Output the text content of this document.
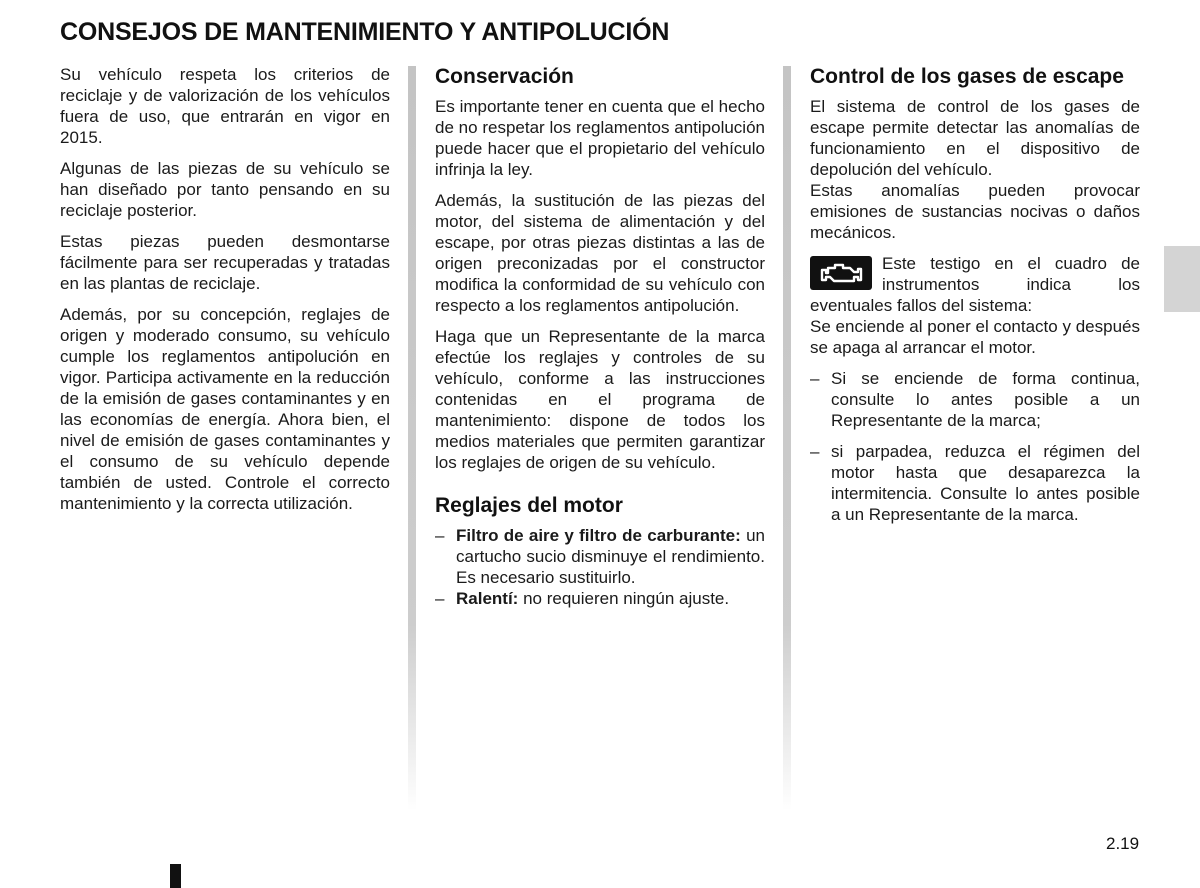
CONSEJOS DE MANTENIMIENTO Y ANTIPOLUCIÓN

Su vehículo respeta los criterios de reciclaje y de valorización de los vehículos fuera de uso, que entrarán en vigor en 2015.

Algunas de las piezas de su vehículo se han diseñado por tanto pensando en su reciclaje posterior.

Estas piezas pueden desmontarse fácilmente para ser recuperadas y tratadas en las plantas de reciclaje.

Además, por su concepción, reglajes de origen y moderado consumo, su vehículo cumple los reglamentos antipolución en vigor. Participa activamente en la reducción de la emisión de gases contaminantes y en las economías de energía. Ahora bien, el nivel de emisión de gases contaminantes y el consumo de su vehículo depende también de usted. Controle el correcto mantenimiento y la correcta utilización.

Conservación

Es importante tener en cuenta que el hecho de no respetar los reglamentos antipolución puede hacer que el propietario del vehículo infrinja la ley.

Además, la sustitución de las piezas del motor, del sistema de alimentación y del escape, por otras piezas distintas a las de origen preconizadas por el constructor modifica la conformidad de su vehículo con respecto a los reglamentos antipolución.

Haga que un Representante de la marca efectúe los reglajes y controles de su vehículo, conforme a las instrucciones contenidas en el programa de mantenimiento: dispone de todos los medios materiales que permiten garantizar los reglajes de origen de su vehículo.

Reglajes del motor
– Filtro de aire y filtro de carburante: un cartucho sucio disminuye el rendimiento. Es necesario sustituirlo.
– Ralentí: no requieren ningún ajuste.
Control de los gases de escape

El sistema de control de los gases de escape permite detectar las anomalías de funcionamiento en el dispositivo de depolución del vehículo.

Estas anomalías pueden provocar emisiones de sustancias nocivas o daños mecánicos.

Este testigo en el cuadro de instrumentos indica los eventuales fallos del sistema:

Se enciende al poner el contacto y después se apaga al arrancar el motor.

– Si se enciende de forma continua, consulte lo antes posible a un Representante de la marca;
– si parpadea, reduzca el régimen del motor hasta que desaparezca la intermitencia. Consulte lo antes posible a un Representante de la marca.
2.19
